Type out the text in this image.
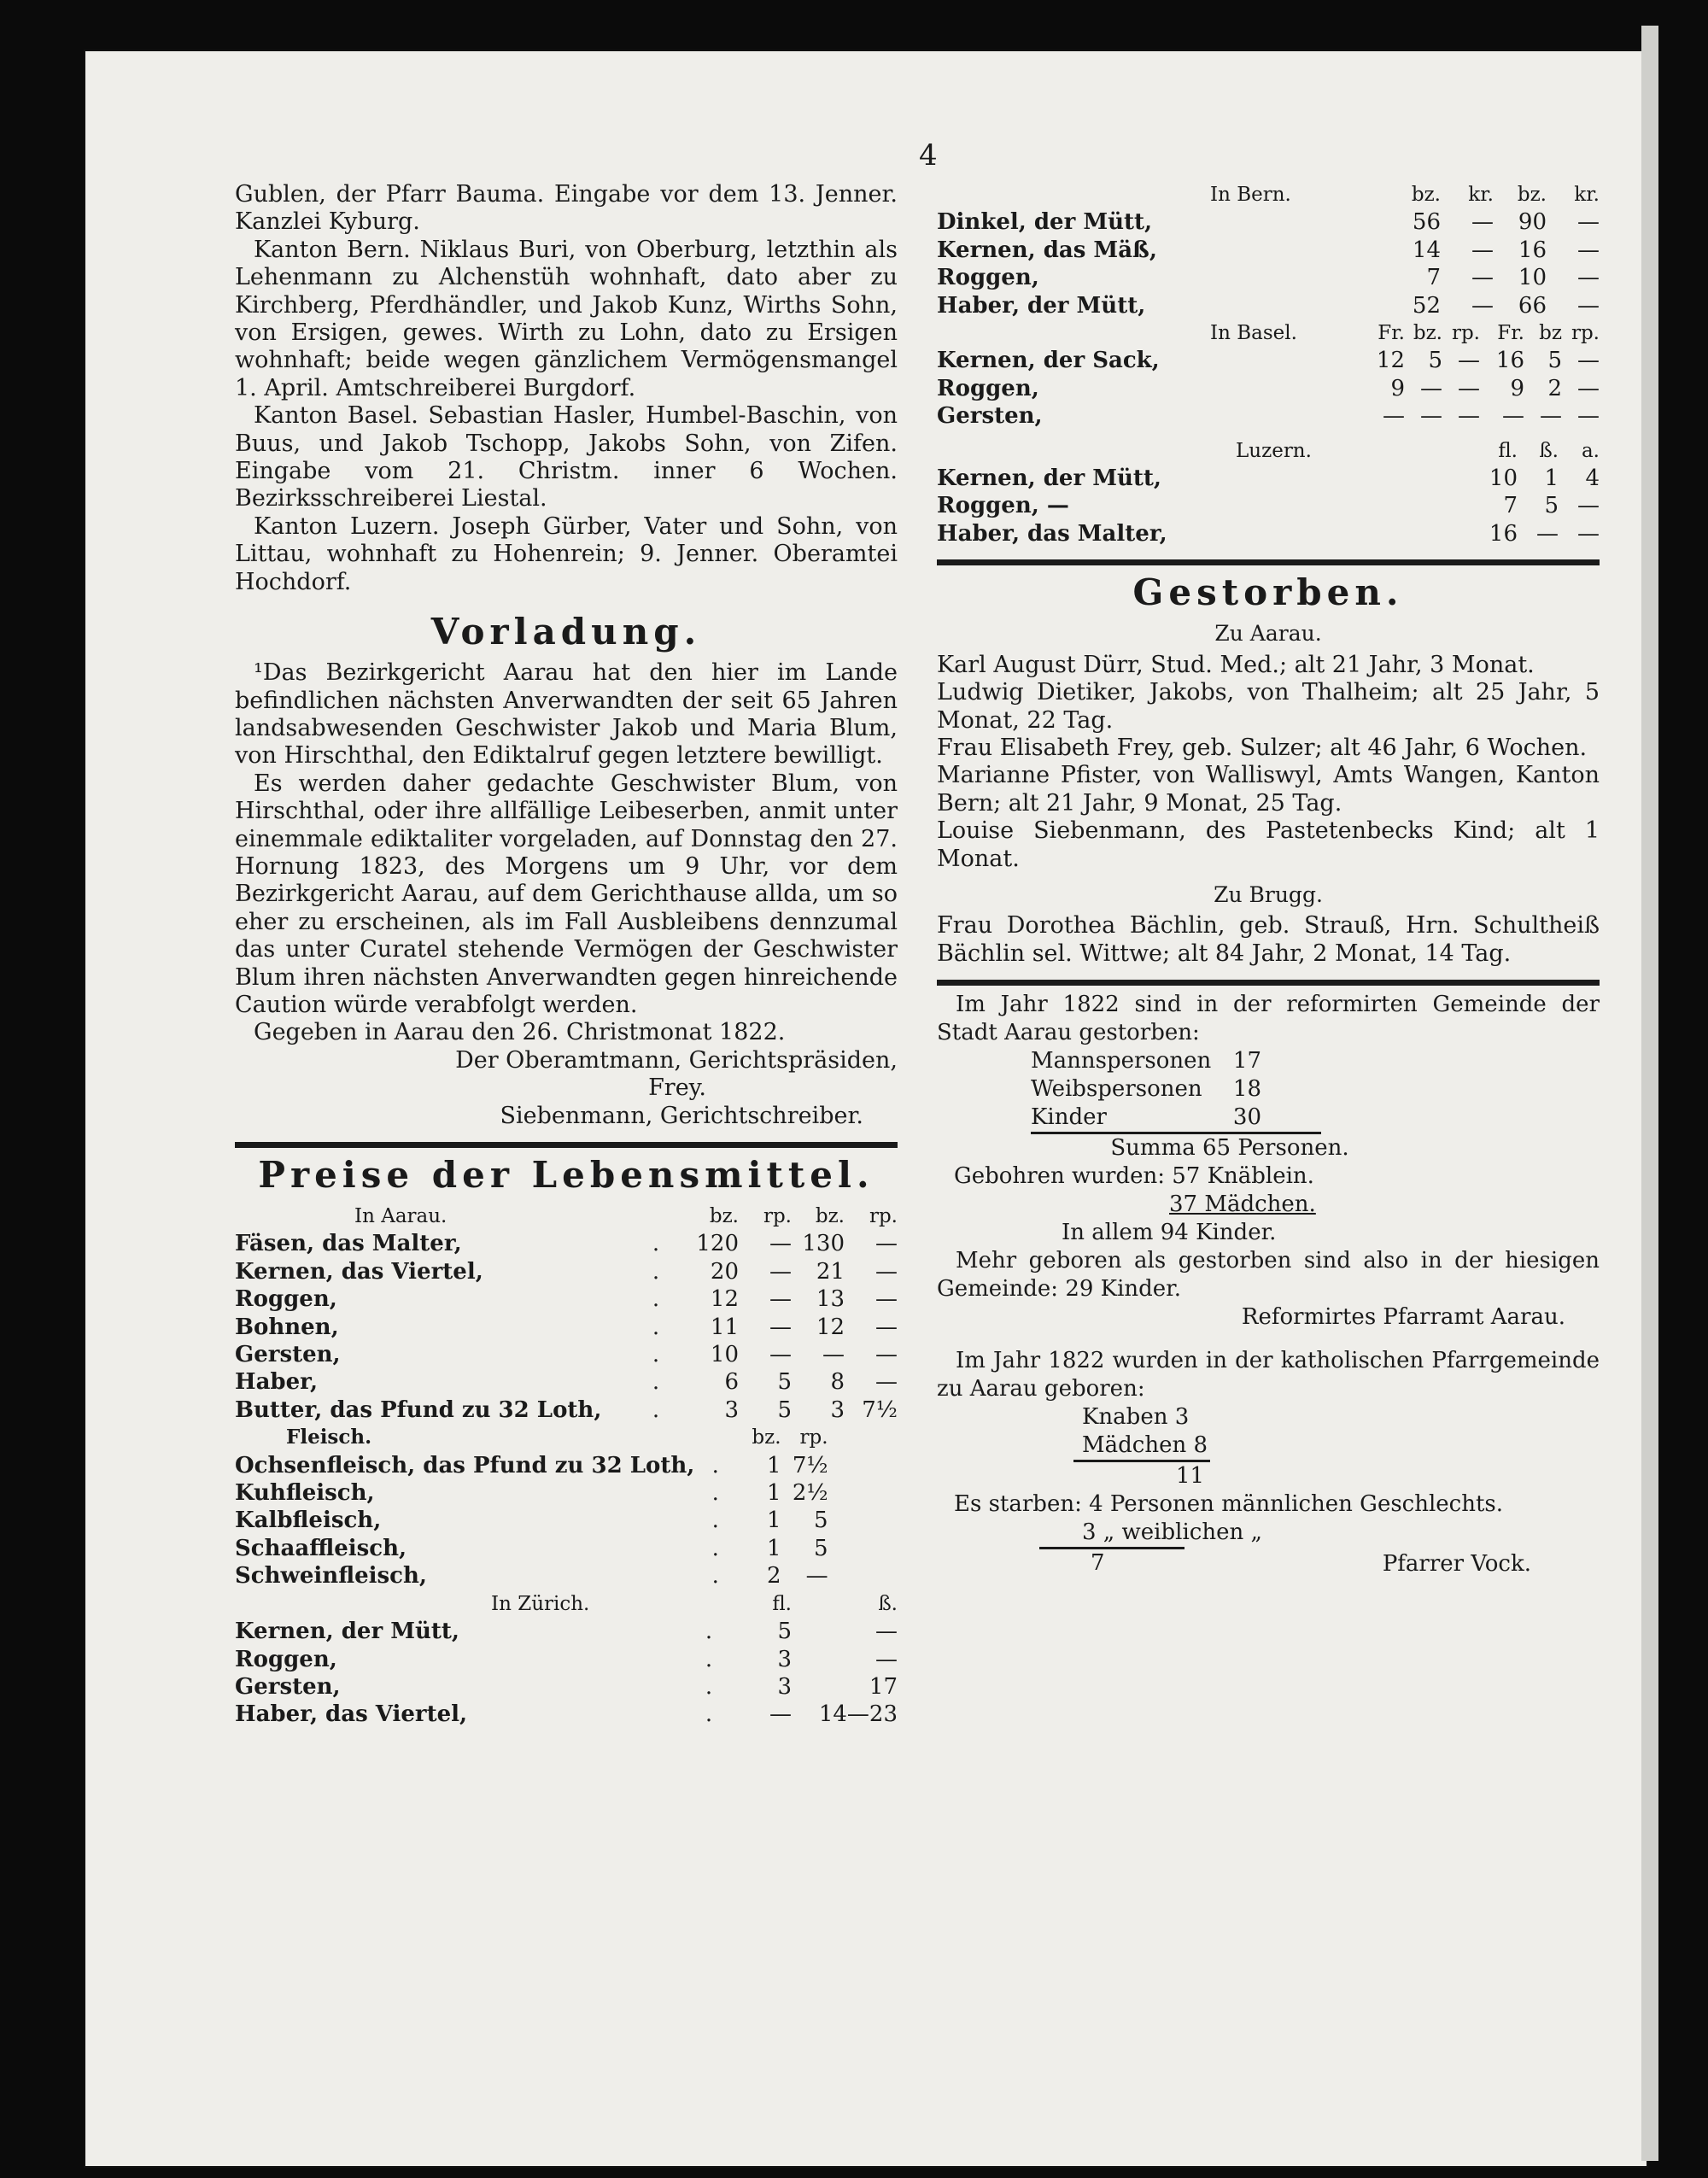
4

Gublen, der Pfarr Bauma. Eingabe vor dem 13. Jenner. Kanzlei Kyburg.

Kanton Bern. Niklaus Buri, von Oberburg, letzthin als Lehenmann zu Alchenstüh wohnhaft, dato aber zu Kirchberg, Pferdhändler, und Jakob Kunz, Wirths Sohn, von Ersigen, gewes. Wirth zu Lohn, dato zu Ersigen wohnhaft; beide wegen gänzlichem Vermögensmangel 1. April. Amtschreiberei Burgdorf.

Kanton Basel. Sebastian Hasler, Humbel-Baschin, von Buus, und Jakob Tschopp, Jakobs Sohn, von Zifen. Eingabe vom 21. Christm. inner 6 Wochen. Bezirksschreiberei Liestal.

Kanton Luzern. Joseph Gürber, Vater und Sohn, von Littau, wohnhaft zu Hohenrein; 9. Jenner. Oberamtei Hochdorf.

Vorladung.

¹Das Bezirkgericht Aarau hat den hier im Lande befindlichen nächsten Anverwandten der seit 65 Jahren landsabwesenden Geschwister Jakob und Maria Blum, von Hirschthal, den Ediktalruf gegen letztere bewilligt.

Es werden daher gedachte Geschwister Blum, von Hirschthal, oder ihre allfällige Leibeserben, anmit unter einemmale ediktaliter vorgeladen, auf Donnstag den 27. Hornung 1823, des Morgens um 9 Uhr, vor dem Bezirkgericht Aarau, auf dem Gerichthause allda, um so eher zu erscheinen, als im Fall Ausbleibens dennzumal das unter Curatel stehende Vermögen der Geschwister Blum ihren nächsten Anverwandten gegen hinreichende Caution würde verabfolgt werden.

Gegeben in Aarau den 26. Christmonat 1822.

Der Oberamtmann, Gerichtspräsiden,

Frey.

Siebenmann, Gerichtschreiber.

Preise der Lebensmittel.
In Aarau.		bz.	rp.	bz.	rp.
Fäsen, das Malter,	.	120	—	130	—
Kernen, das Viertel,	.	20	—	21	—
Roggen,	.	12	—	13	—
Bohnen,	.	11	—	12	—
Gersten,	.	10	—	—	—
Haber,	.	6	5	8	—
Butter, das Pfund zu 32 Loth,	.	3	5	3	7½
Fleisch.		bz.	rp.	
Ochsenfleisch, das Pfund zu 32 Loth,	.	1	7½	
Kuhfleisch,	.	1	2½	
Kalbfleisch,	.	1	5	
Schaaffleisch,	.	1	5	
Schweinfleisch,	.	2	—	
In Zürich.		fl.	ß.
Kernen, der Mütt,	.	5	—
Roggen,	.	3	—
Gersten,	.	3	17
Haber, das Viertel,	.	—	14—23
In Bern.	bz.	kr.	bz.	kr.
Dinkel, der Mütt,	56	—	90	—
Kernen, das Mäß,	14	—	16	—
Roggen,	7	—	10	—
Haber, der Mütt,	52	—	66	—
In Basel.	Fr.	bz.	rp.	Fr.	bz	rp.
Kernen, der Sack,	12	5	—	16	5	—
Roggen,	9	—	—	9	2	—
Gersten,	—	—	—	—	—	—
Luzern.	fl.	ß.	a.
Kernen, der Mütt,	10	1	4
Roggen, —	7	5	—
Haber, das Malter,	16	—	—
Gestorben.
Zu Aarau.

Karl August Dürr, Stud. Med.; alt 21 Jahr, 3 Monat.

Ludwig Dietiker, Jakobs, von Thalheim; alt 25 Jahr, 5 Monat, 22 Tag.

Frau Elisabeth Frey, geb. Sulzer; alt 46 Jahr, 6 Wochen.

Marianne Pfister, von Walliswyl, Amts Wangen, Kanton Bern; alt 21 Jahr, 9 Monat, 25 Tag.

Louise Siebenmann, des Pastetenbecks Kind; alt 1 Monat.

Zu Brugg.

Frau Dorothea Bächlin, geb. Strauß, Hrn. Schultheiß Bächlin sel. Wittwe; alt 84 Jahr, 2 Monat, 14 Tag.

Im Jahr 1822 sind in der reformirten Gemeinde der Stadt Aarau gestorben:

Mannspersonen 17
Weibspersonen	18
Kinder	30

Summa 65 Personen.

Gebohren wurden: 57 Knäblein.

37 Mädchen.

In allem 94 Kinder.

Mehr geboren als gestorben sind also in der hiesigen Gemeinde: 29 Kinder.

Reformirtes Pfarramt Aarau.

Im Jahr 1822 wurden in der katholischen Pfarrgemeinde zu Aarau geboren:

Knaben 3

Mädchen 8

11

Es starben: 4 Personen männlichen Geschlechts.

3 „ weiblichen „

7	Pfarrer Vock.
